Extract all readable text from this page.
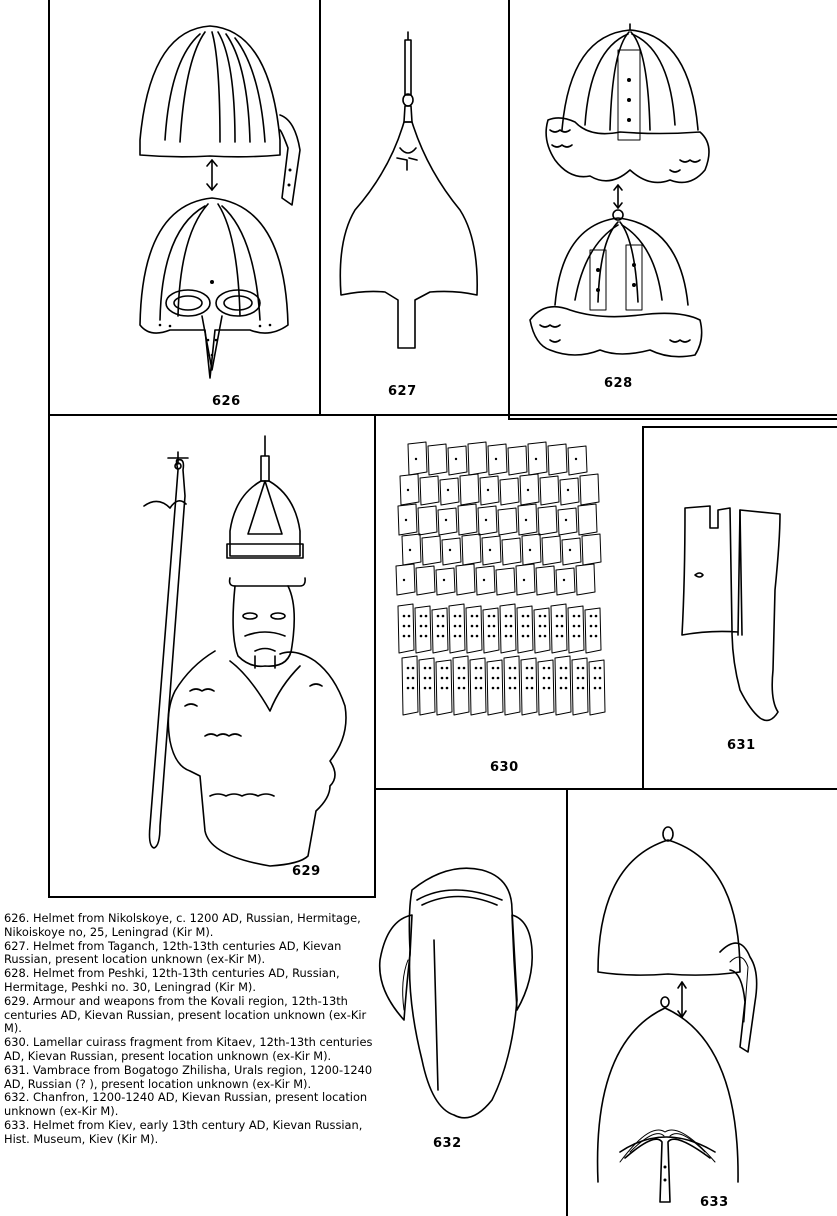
626
627
628
629
630
631
632
633

626. Helmet from Nikolskoye, c. 1200 AD, Russian, Hermitage, Nikoiskoye no, 25, Leningrad (Kir M).

627. Helmet from Taganch, 12th-13th centuries AD, Kievan Russian, present location unknown (ex-Kir M).

628. Helmet from Peshki, 12th-13th centuries AD, Russian, Hermitage, Peshki no. 30, Leningrad (Kir M).

629. Armour and weapons from the Kovali region, 12th-13th centuries AD, Kievan Russian, present location unknown (ex-Kir M).

630. Lamellar cuirass fragment from Kitaev, 12th-13th centuries AD, Kievan Russian, present location unknown (ex-Kir M).

631. Vambrace from Bogatogo Zhilisha, Urals region, 1200-1240 AD, Russian (? ), present location unknown (ex-Kir M).

632. Chanfron, 1200-1240 AD, Kievan Russian, present location unknown (ex-Kir M).

633. Helmet from Kiev, early 13th century AD, Kievan Russian, Hist. Museum, Kiev (Kir M).
